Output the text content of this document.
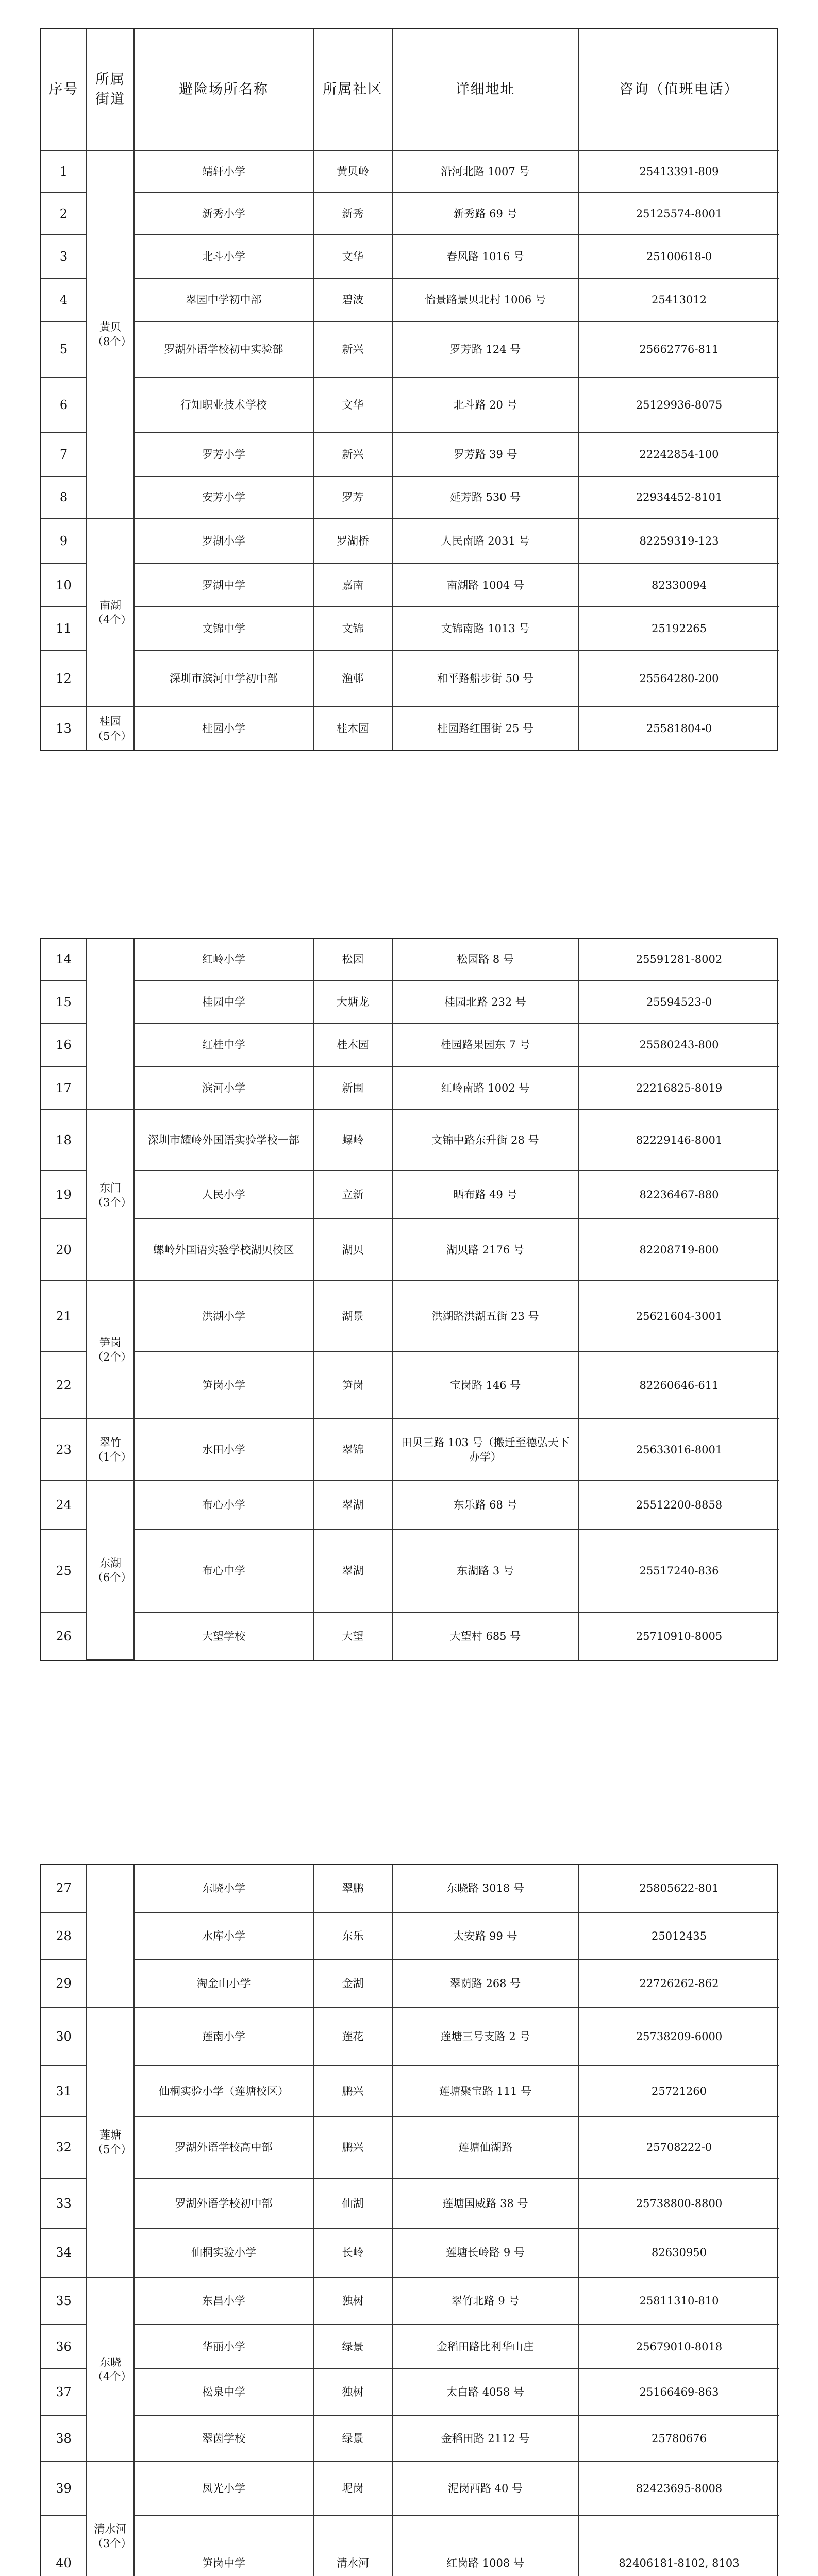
序号	所属街道	避险场所名称	所属社区	详细地址	咨询（值班电话）
1	黄贝（8个）	靖轩小学	黄贝岭	沿河北路 1007 号	25413391-809
2		新秀小学	新秀	新秀路 69 号	25125574-8001
3		北斗小学	文华	春风路 1016 号	25100618-0
4		翠园中学初中部	碧波	怡景路景贝北村 1006 号	25413012
5		罗湖外语学校初中实验部	新兴	罗芳路 124 号	25662776-811
6		行知职业技术学校	文华	北斗路 20 号	25129936-8075
7		罗芳小学	新兴	罗芳路 39 号	22242854-100
8		安芳小学	罗芳	延芳路 530 号	22934452-8101
9	南湖（4个）	罗湖小学	罗湖桥	人民南路 2031 号	82259319-123
10		罗湖中学	嘉南	南湖路 1004 号	82330094
11		文锦中学	文锦	文锦南路 1013 号	25192265
12		深圳市滨河中学初中部	渔邨	和平路船步街 50 号	25564280-200
13	桂园（5个）	桂园小学	桂木园	桂园路红围街 25 号	25581804-0
14		红岭小学	松园	松园路 8 号	25591281-8002
15		桂园中学	大塘龙	桂园北路 232 号	25594523-0
16		红桂中学	桂木园	桂园路果园东 7 号	25580243-800
17		滨河小学	新围	红岭南路 1002 号	22216825-8019
18	东门（3个）	深圳市耀岭外国语实验学校一部	螺岭	文锦中路东升街 28 号	82229146-8001
19		人民小学	立新	晒布路 49 号	82236467-880
20		螺岭外国语实验学校湖贝校区	湖贝	湖贝路 2176 号	82208719-800
21	笋岗（2个）	洪湖小学	湖景	洪湖路洪湖五街 23 号	25621604-3001
22		笋岗小学	笋岗	宝岗路 146 号	82260646-611
23	翠竹（1个）	水田小学	翠锦	田贝三路 103 号（搬迁至德弘天下办学）	25633016-8001
24	东湖（6个）	布心小学	翠湖	东乐路 68 号	25512200-8858
25		布心中学	翠湖	东湖路 3 号	25517240-836
26		大望学校	大望	大望村 685 号	25710910-8005
27		东晓小学	翠鹏	东晓路 3018 号	25805622-801
28		水库小学	东乐	太安路 99 号	25012435
29		淘金山小学	金湖	翠荫路 268 号	22726262-862
30	莲塘（5个）	莲南小学	莲花	莲塘三号支路 2 号	25738209-6000
31		仙桐实验小学（莲塘校区）	鹏兴	莲塘聚宝路 111 号	25721260
32		罗湖外语学校高中部	鹏兴	莲塘仙湖路	25708222-0
33		罗湖外语学校初中部	仙湖	莲塘国威路 38 号	25738800-8800
34		仙桐实验小学	长岭	莲塘长岭路 9 号	82630950
35	东晓（4个）	东昌小学	独树	翠竹北路 9 号	25811310-810
36		华丽小学	绿景	金稻田路比利华山庄	25679010-8018
37		松泉中学	独树	太白路 4058 号	25166469-863
38		翠茵学校	绿景	金稻田路 2112 号	25780676
39	清水河（3个）	凤光小学	坭岗	泥岗西路 40 号	82423695-8008
40		笋岗中学	清水河	红岗路 1008 号	82406181-8102, 8103
